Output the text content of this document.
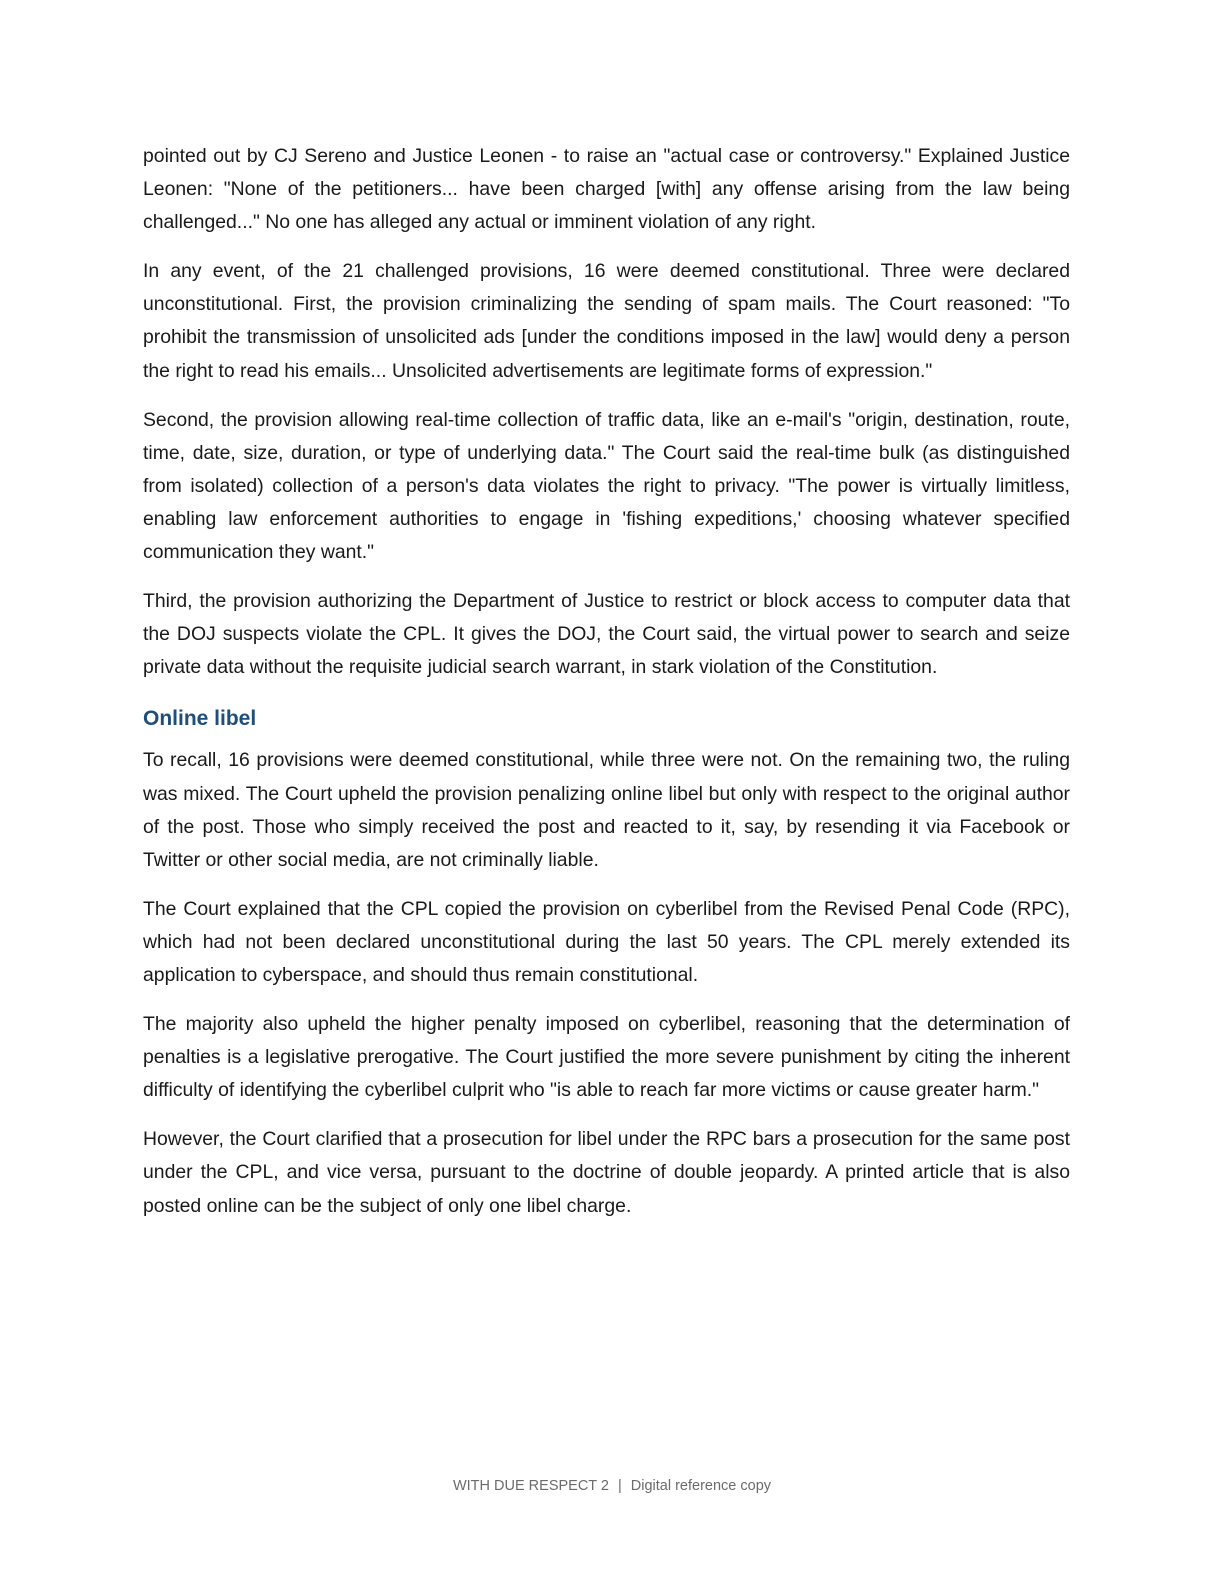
pointed out by CJ Sereno and Justice Leonen - to raise an "actual case or controversy." Explained Justice Leonen: "None of the petitioners... have been charged [with] any offense arising from the law being challenged..." No one has alleged any actual or imminent violation of any right.

In any event, of the 21 challenged provisions, 16 were deemed constitutional. Three were declared unconstitutional. First, the provision criminalizing the sending of spam mails. The Court reasoned: "To prohibit the transmission of unsolicited ads [under the conditions imposed in the law] would deny a person the right to read his emails... Unsolicited advertisements are legitimate forms of expression."

Second, the provision allowing real-time collection of traffic data, like an e-mail's "origin, destination, route, time, date, size, duration, or type of underlying data." The Court said the real-time bulk (as distinguished from isolated) collection of a person's data violates the right to privacy. "The power is virtually limitless, enabling law enforcement authorities to engage in 'fishing expeditions,' choosing whatever specified communication they want."

Third, the provision authorizing the Department of Justice to restrict or block access to computer data that the DOJ suspects violate the CPL. It gives the DOJ, the Court said, the virtual power to search and seize private data without the requisite judicial search warrant, in stark violation of the Constitution.

Online libel

To recall, 16 provisions were deemed constitutional, while three were not. On the remaining two, the ruling was mixed. The Court upheld the provision penalizing online libel but only with respect to the original author of the post. Those who simply received the post and reacted to it, say, by resending it via Facebook or Twitter or other social media, are not criminally liable.

The Court explained that the CPL copied the provision on cyberlibel from the Revised Penal Code (RPC), which had not been declared unconstitutional during the last 50 years. The CPL merely extended its application to cyberspace, and should thus remain constitutional.

The majority also upheld the higher penalty imposed on cyberlibel, reasoning that the determination of penalties is a legislative prerogative. The Court justified the more severe punishment by citing the inherent difficulty of identifying the cyberlibel culprit who "is able to reach far more victims or cause greater harm."

However, the Court clarified that a prosecution for libel under the RPC bars a prosecution for the same post under the CPL, and vice versa, pursuant to the doctrine of double jeopardy. A printed article that is also posted online can be the subject of only one libel charge.

WITH DUE RESPECT 2 | Digital reference copy
